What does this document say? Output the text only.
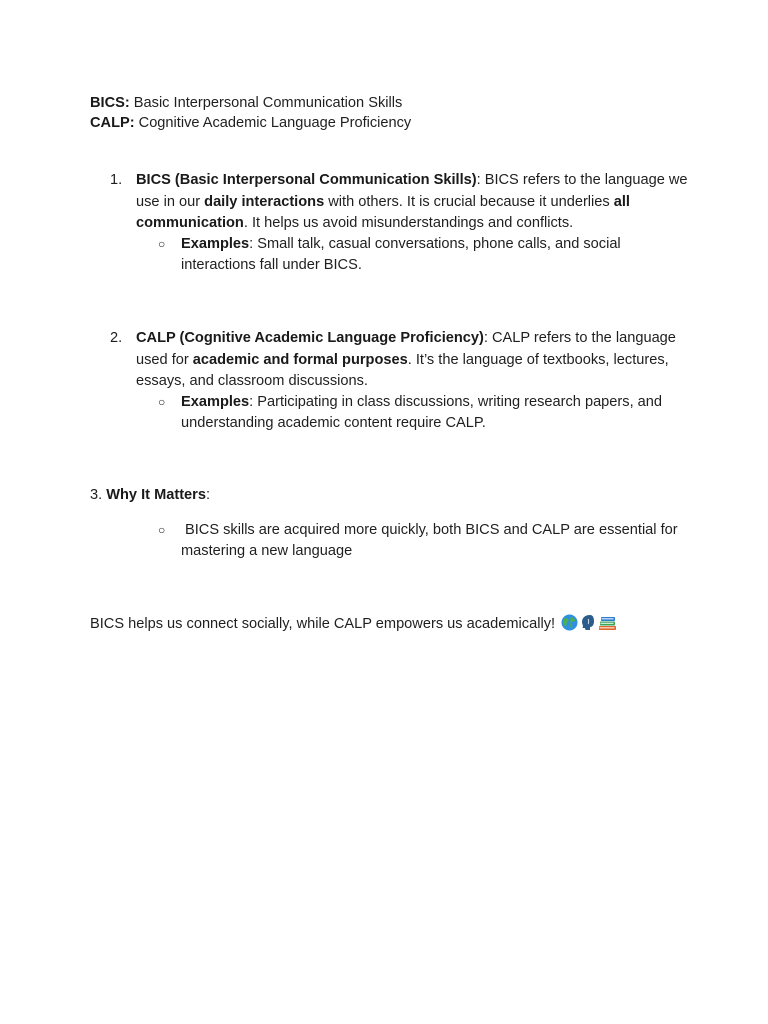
BICS: Basic Interpersonal Communication Skills
CALP: Cognitive Academic Language Proficiency
1. BICS (Basic Interpersonal Communication Skills): BICS refers to the language we use in our daily interactions with others. It is crucial because it underlies all communication. It helps us avoid misunderstandings and conflicts.
○ Examples: Small talk, casual conversations, phone calls, and social interactions fall under BICS.
2. CALP (Cognitive Academic Language Proficiency): CALP refers to the language used for academic and formal purposes. It’s the language of textbooks, lectures, essays, and classroom discussions.
○ Examples: Participating in class discussions, writing research papers, and understanding academic content require CALP.
3. Why It Matters:
○ BICS skills are acquired more quickly, both BICS and CALP are essential for mastering a new language
BICS helps us connect socially, while CALP empowers us academically!
